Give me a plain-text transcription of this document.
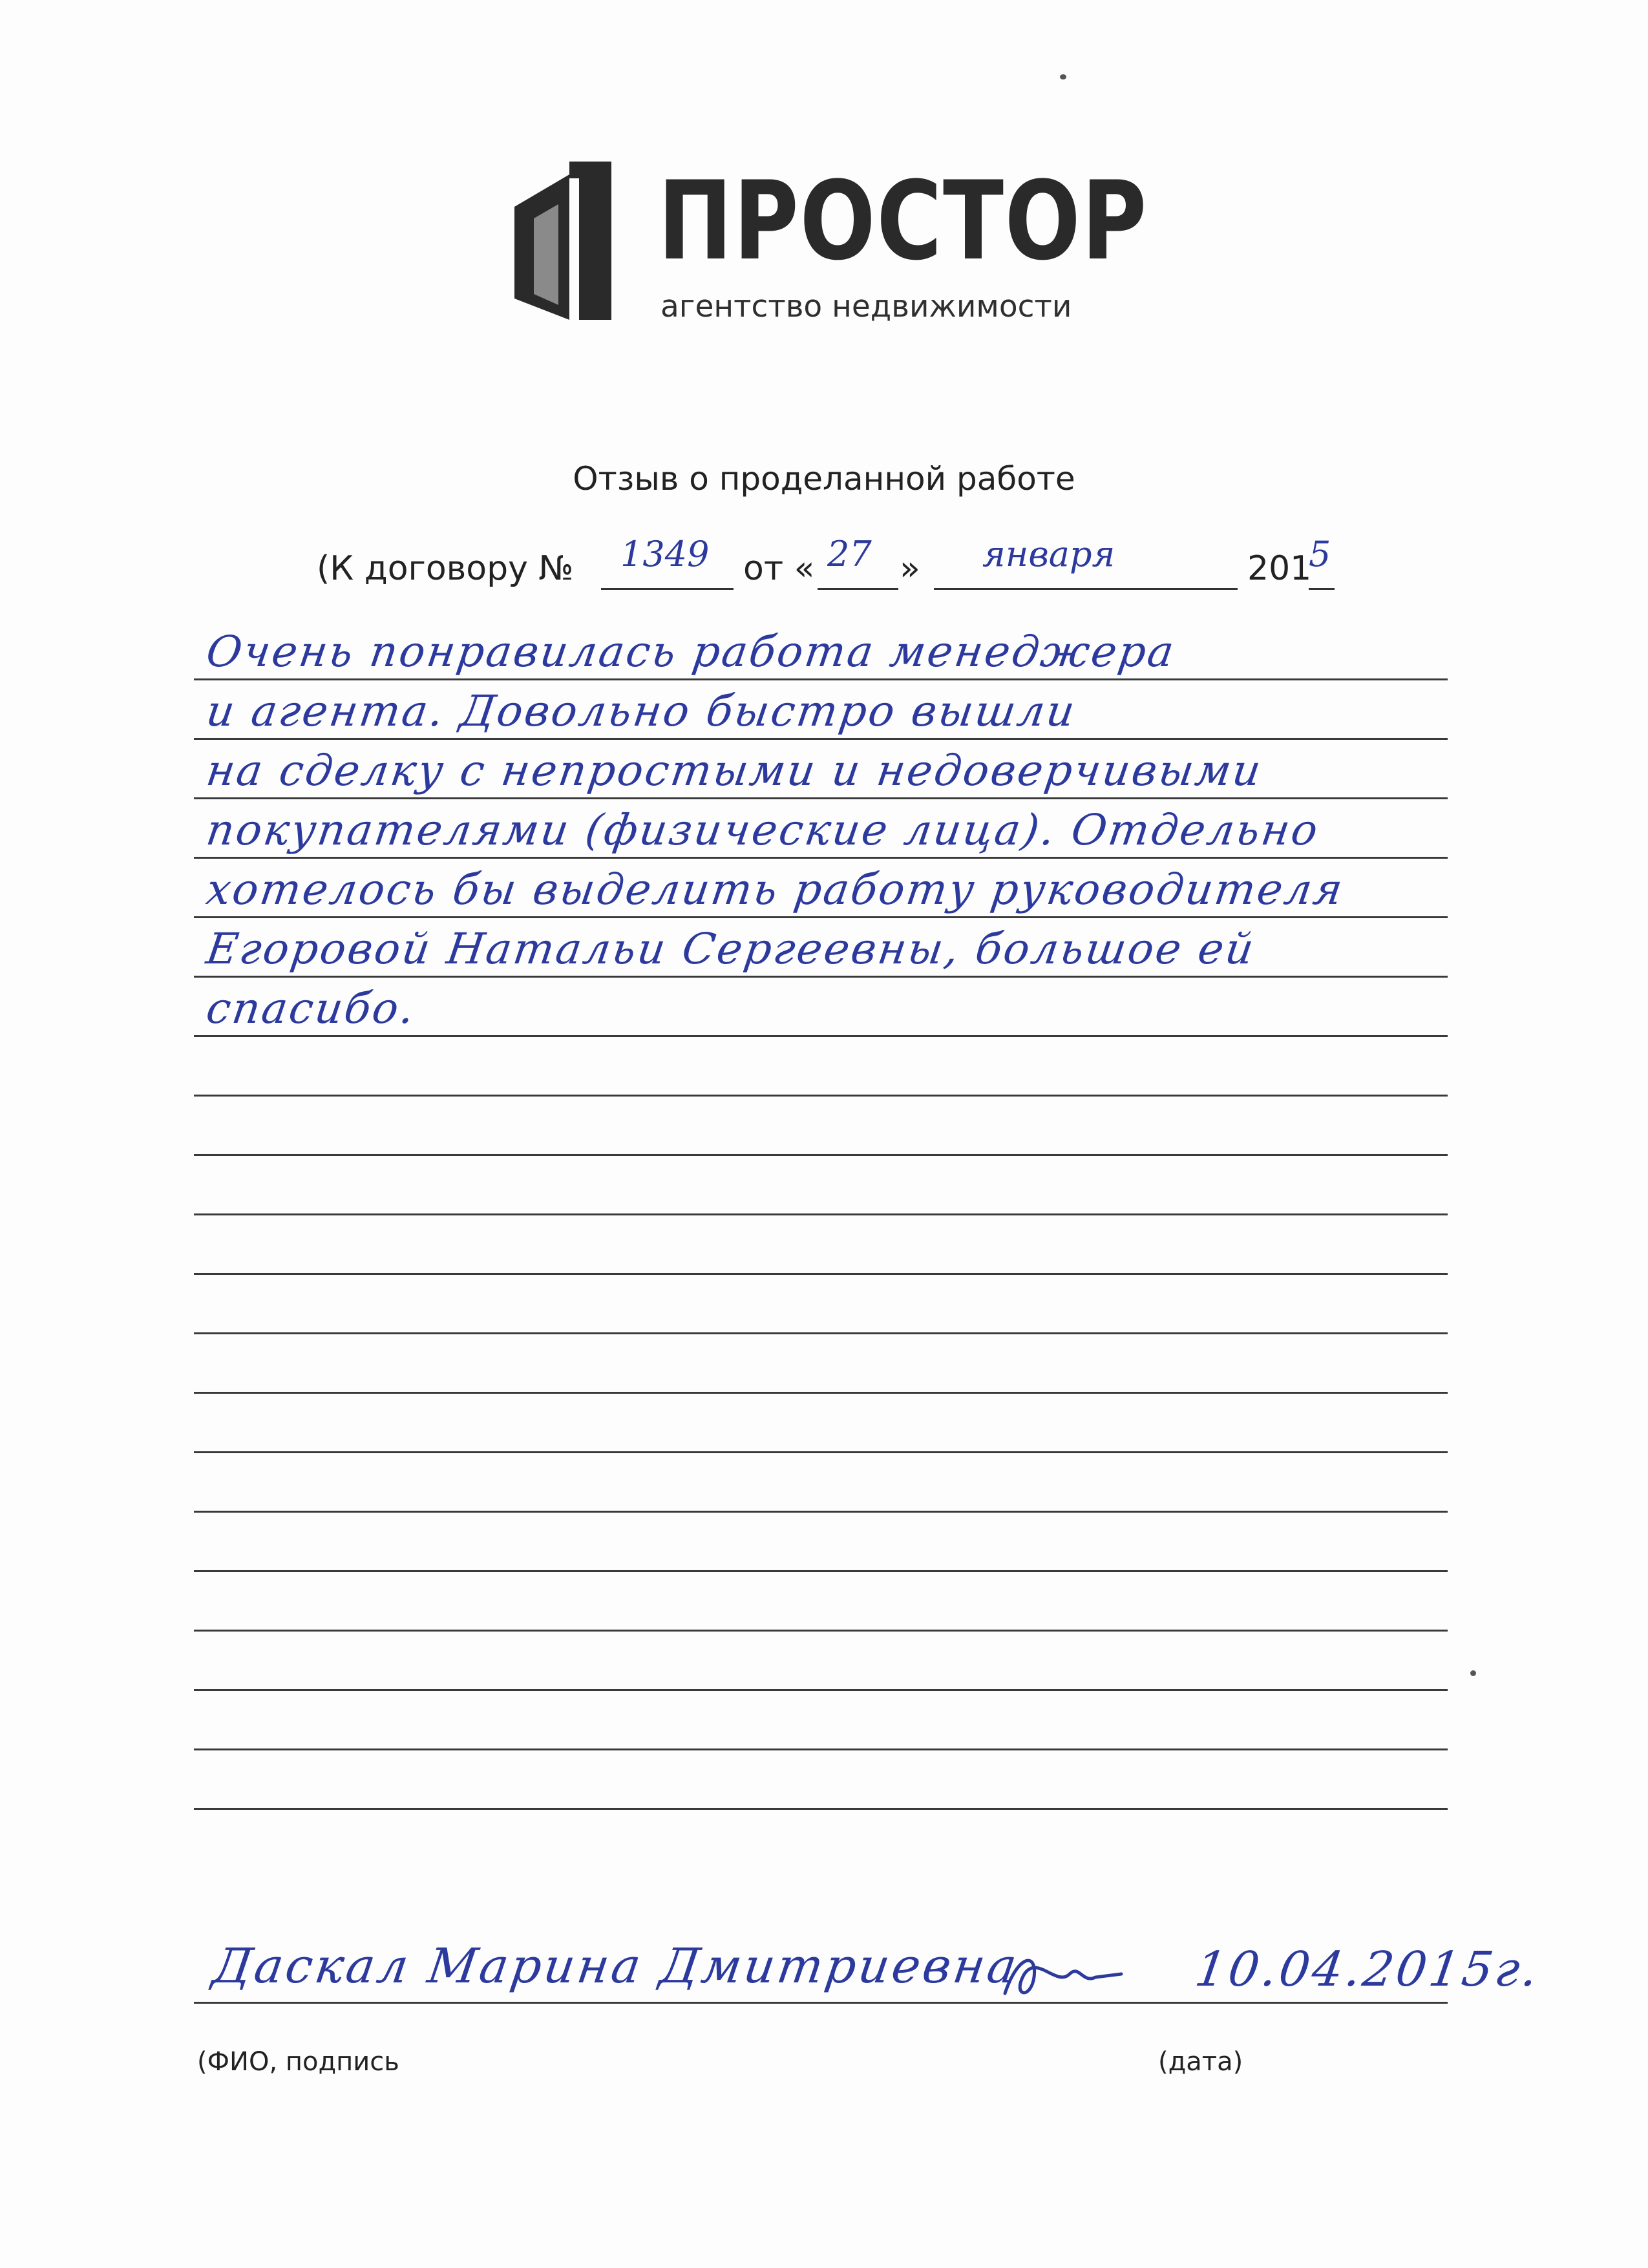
ПРОСТОР
агентство недвижимости
Отзыв о проделанной работе
(К договору № 1349 от « 27 » января	201
5
Очень понравилась работа менеджера
и агента. Довольно быстро вышли
на сделку с непростыми и недоверчивыми
покупателями (физические лица). Отдельно
хотелось бы выделить работу руководителя
Егоровой Натальи Сергеевны, большое ей
спасибо.
Даскал Марина Дмитриевна	10.04.2015г.
(ФИО, подпись	(дата)
